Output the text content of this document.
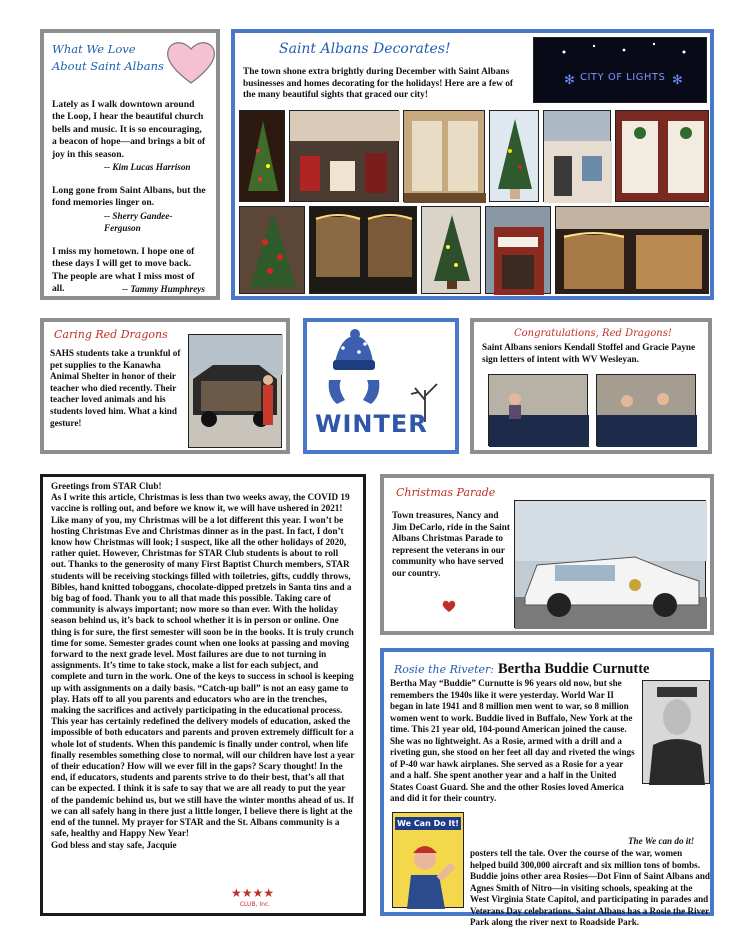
What We Love
About Saint Albans
Lately as I walk downtown around the Loop, I hear the beautiful church bells and music. It is so encouraging, a beacon of hope—and brings a bit of joy in this season.
-- Kim Lucas Harrison
Long gone from Saint Albans, but the fond memories linger on.
-- Sherry Gandee-Ferguson
I miss my hometown. I hope one of these days I will get to move back. The people are what I miss most of all.	-- Tammy Humphreys
Saint Albans Decorates!
The town shone extra brightly during December with Saint Albans businesses and homes decorating for the holidays! Here are a few of the many beautiful sights that graced our city!
✻	✻
CITY OF LIGHTS
Caring Red Dragons
SAHS students take a trunkful of pet supplies to the Kanawha Animal Shelter in honor of their teacher who died recently. Their teacher loved animals and his students loved him. What a kind gesture!	WINTER
Congratulations, Red Dragons!
Saint Albans seniors Kendall Stoffel and Gracie Payne sign letters of intent with WV Wesleyan.
Greetings from STAR Club!
As I write this article, Christmas is less than two weeks away, the COVID 19 vaccine is rolling out, and before we know it, we will have ushered in 2021! Like many of you, my Christmas will be a lot different this year. I won’t be hosting Christmas Eve and Christmas dinner as in the past. In fact, I don’t know how Christmas will look; I suspect, like all the other holidays of 2020, rather quiet. However, Christmas for STAR Club students is about to roll out. Thanks to the generosity of many First Baptist Church members, STAR students will be receiving stockings filled with toiletries, gifts, cuddly throws, Bibles, hand knitted toboggans, chocolate-dipped pretzels in Santa tins and a big bag of food. Thank you to all that made this possible. Taking care of community is always important; now more so than ever. With the holiday season behind us, it’s back to school whether it is in person or online. One thing is for sure, the first semester will soon be in the books. It is truly crunch time for some. Semester grades count when one looks at passing and moving forward to the next grade level. Most failures are due to not turning in assignments. It’s time to take stock, make a list for each subject, and complete and turn in the work. One of the keys to success in school is keeping up with assignments on a daily basis. “Catch-up ball” is not an easy game to play. Hats off to all you parents and educators who are in the trenches, making the sacrifices and actively participating in the educational process. This year has certainly redefined the delivery models of education, asked the impossible of both educators and parents and proven extremely difficult for a whole lot of students. When this pandemic is finally under control, when life finally resembles something close to normal, will our children have lost a year of their education? How will we ever fill in the gaps? Scary thought! In the end, if educators, students and parents strive to do their best, that’s all that can be expected. I think it is safe to say that we are all ready to put the year of the pandemic behind us, but we still have the winter months ahead of us. If we can all safely hang in there just a little longer, I believe there is light at the end of the tunnel. My prayer for STAR and the St. Albans community is a safe, healthy and Happy New Year!
God bless and stay safe, Jacquie
★★★★
CLUB, Inc.
Christmas Parade
Town treasures, Nancy and Jim DeCarlo, ride in the Saint Albans Christmas Parade to represent the veterans in our community who have served our country.
Rosie the Riveter: Bertha Buddie Curnutte
Bertha May “Buddie” Curnutte is 96 years old now, but she remembers the 1940s like it were yesterday. World War II began in late 1941 and 8 million men went to war, so 8 million women went to work. Buddie lived in Buffalo, New York at the time. This 21 year old, 104-pound American joined the cause. She was no lightweight. As a Rosie, armed with a drill and a riveting gun, she stood on her feet all day and riveted the wings of P-40 war hawk airplanes. She served as a Rosie for a year and a half. She spent another year and a half in the United States Coast Guard. She and the other Rosies loved America and did it for their country.
The We can do it!
We Can Do It!
posters tell the tale. Over the course of the war, women helped build 300,000 aircraft and six million tons of bombs. Buddie joins other area Rosies—Dot Finn of Saint Albans and Agnes Smith of Nitro—in visiting schools, speaking at the West Virginia State Capitol, and participating in parades and Veterans Day celebrations. Saint Albans has a Rosie the River Park along the river next to Roadside Park.
